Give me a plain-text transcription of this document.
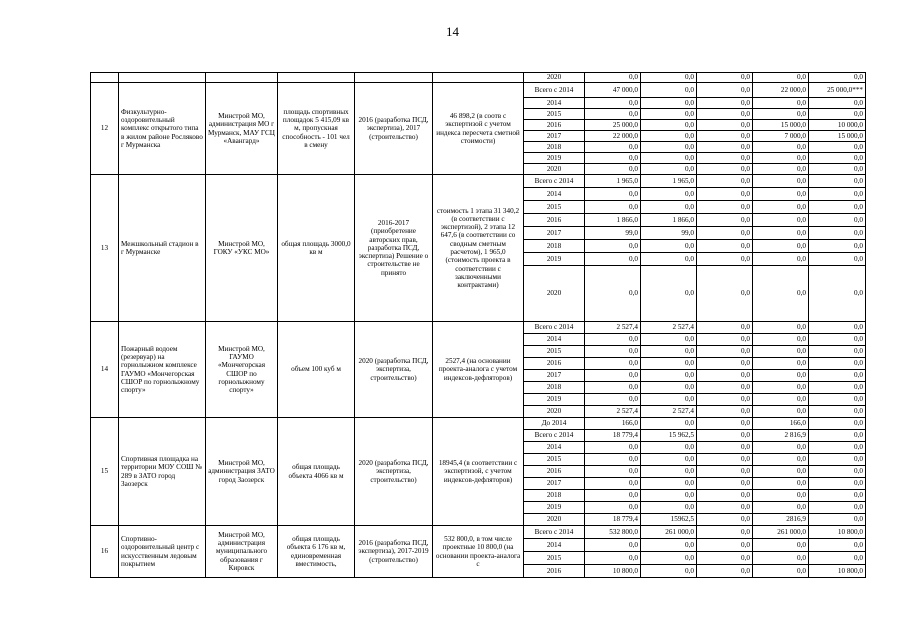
14
						2020	0,0	0,0	0,0	0,0	0,0
12	Физкультурно-оздоровительный комплекс открытого типа в жилом районе Росляково г Мурманска	Минстрой МО, администрация МО г Мурманск, МАУ ГСЦ «Авангард»	площадь спортивных площадок 5 415,09 кв м, пропускная способность - 101 чел в смену	2016 (разработка ПСД, экспертиза), 2017 (строительство)	46 898,2 (в соотв с экспертизой с учетом индекса пересчета сметной стоимости)	Всего с 2014	47 000,0	0,0	0,0	22 000,0	25 000,0***
						2014	0,0	0,0	0,0	0,0	0,0
						2015	0,0	0,0	0,0	0,0	0,0
						2016	25 000,0	0,0	0,0	15 000,0	10 000,0
						2017	22 000,0	0,0	0,0	7 000,0	15 000,0
						2018	0,0	0,0	0,0	0,0	0,0
						2019	0,0	0,0	0,0	0,0	0,0
						2020	0,0	0,0	0,0	0,0	0,0
13	Межшкольный стадион в г Мурманске	Минстрой МО, ГОКУ «УКС МО»	общая площадь 3000,0 кв м	2016-2017 (приобретение авторских прав, разработка ПСД, экспертиза) Решение о строительстве не принято	стоимость 1 этапа 31 340,2 (в соответствии с экспертизой), 2 этапа 12 647,6 (в соответствии со сводным сметным расчетом), 1 965,0 (стоимость проекта в соответствии с заключенными контрактами)	Всего с 2014	1 965,0	1 965,0	0,0	0,0	0,0
						2014	0,0	0,0	0,0	0,0	0,0
						2015	0,0	0,0	0,0	0,0	0,0
						2016	1 866,0	1 866,0	0,0	0,0	0,0
						2017	99,0	99,0	0,0	0,0	0,0
						2018	0,0	0,0	0,0	0,0	0,0
						2019	0,0	0,0	0,0	0,0	0,0
						2020	0,0	0,0	0,0	0,0	0,0
14	Пожарный водоем (резервуар) на горнолыжном комплексе ГАУМО «Мончегорская СШОР по горнолыжному спорту»	Минстрой МО, ГАУМО «Мончегорская СШОР по горнолыжному спорту»	объем 100 куб м	2020 (разработка ПСД, экспертиза, строительство)	2527,4 (на основании проекта-аналога с учетом индексов-дефляторов)	Всего с 2014	2 527,4	2 527,4	0,0	0,0	0,0
						2014	0,0	0,0	0,0	0,0	0,0
						2015	0,0	0,0	0,0	0,0	0,0
						2016	0,0	0,0	0,0	0,0	0,0
						2017	0,0	0,0	0,0	0,0	0,0
						2018	0,0	0,0	0,0	0,0	0,0
						2019	0,0	0,0	0,0	0,0	0,0
						2020	2 527,4	2 527,4	0,0	0,0	0,0
15	Спортивная площадка на территории МОУ СОШ № 289 в ЗАТО город Заозерск	Минстрой МО, администрация ЗАТО город Заозерск	общая площадь объекта 4066 кв м	2020 (разработка ПСД, экспертиза, строительство)	18945,4 (в соответствии с экспертизой, с учетом индексов-дефляторов)	До 2014	166,0	0,0	0,0	166,0	0,0
						Всего с 2014	18 779,4	15 962,5	0,0	2 816,9	0,0
						2014	0,0	0,0	0,0	0,0	0,0
						2015	0,0	0,0	0,0	0,0	0,0
						2016	0,0	0,0	0,0	0,0	0,0
						2017	0,0	0,0	0,0	0,0	0,0
						2018	0,0	0,0	0,0	0,0	0,0
						2019	0,0	0,0	0,0	0,0	0,0
						2020	18 779,4	15962,5	0,0	2816,9	0,0
16	Спортивно-оздоровительный центр с искусственным ледовым покрытием	Минстрой МО, администрация муниципального образования г Кировск	общая площадь объекта 6 176 кв м, единовременная вместимость,	2016 (разработка ПСД, экспертиза), 2017-2019 (строительство)	532 800,0, в том числе проектные 10 800,0 (на основании проекта-аналога с	Всего с 2014	532 800,0	261 000,0	0,0	261 000,0	10 800,0
						2014	0,0	0,0	0,0	0,0	0,0
						2015	0,0	0,0	0,0	0,0	0,0
						2016	10 800,0	0,0	0,0	0,0	10 800,0
